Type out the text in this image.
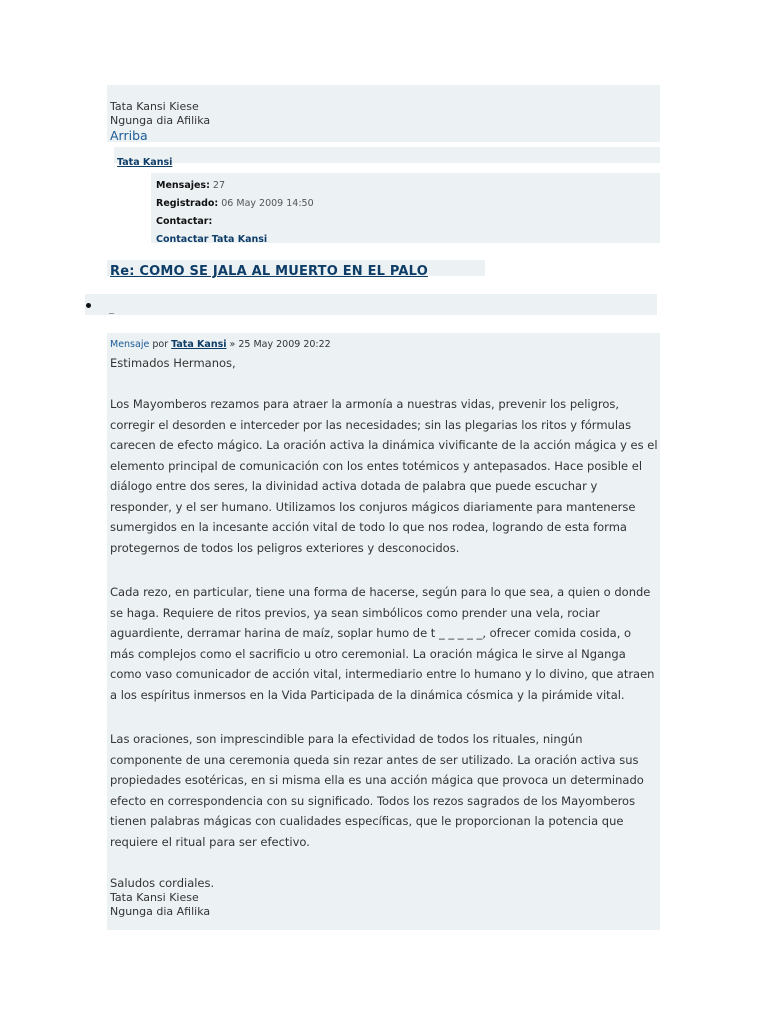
Tata Kansi Kiese
Ngunga dia Afilika
Arriba
Tata Kansi
Mensajes: 27
Registrado: 06 May 2009 14:50
Contactar:
Contactar Tata Kansi
Re: COMO SE JALA AL MUERTO EN EL PALO
Mensaje por Tata Kansi » 25 May 2009 20:22
Estimados Hermanos,
Los Mayomberos rezamos para atraer la armonía a nuestras vidas, prevenir los peligros, corregir el desorden e interceder por las necesidades; sin las plegarias los ritos y fórmulas carecen de efecto mágico. La oración activa la dinámica vivificante de la acción mágica y es el elemento principal de comunicación con los entes totémicos y antepasados. Hace posible el diálogo entre dos seres, la divinidad activa dotada de palabra que puede escuchar y responder, y el ser humano. Utilizamos los conjuros mágicos diariamente para mantenerse sumergidos en la incesante acción vital de todo lo que nos rodea, logrando de esta forma protegernos de todos los peligros exteriores y desconocidos.
Cada rezo, en particular, tiene una forma de hacerse, según para lo que sea, a quien o donde se haga. Requiere de ritos previos, ya sean simbólicos como prender una vela, rociar aguardiente, derramar harina de maíz, soplar humo de t _ _ _ _ _, ofrecer comida cosida, o más complejos como el sacrificio u otro ceremonial. La oración mágica le sirve al Nganga como vaso comunicador de acción vital, intermediario entre lo humano y lo divino, que atraen a los espíritus inmersos en la Vida Participada de la dinámica cósmica y la pirámide vital.
Las oraciones, son imprescindible para la efectividad de todos los rituales, ningún componente de una ceremonia queda sin rezar antes de ser utilizado. La oración activa sus propiedades esotéricas, en si misma ella es una acción mágica que provoca un determinado efecto en correspondencia con su significado. Todos los rezos sagrados de los Mayomberos tienen palabras mágicas con cualidades específicas, que le proporcionan la potencia que requiere el ritual para ser efectivo.
Saludos cordiales.
Tata Kansi Kiese
Ngunga dia Afilika
